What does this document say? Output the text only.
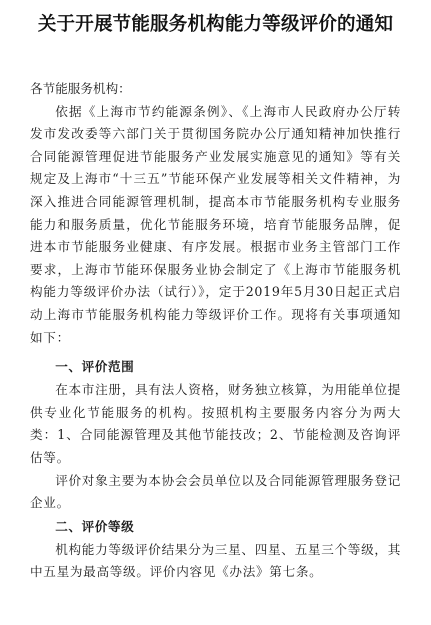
关于开展节能服务机构能力等级评价的通知

各节能服务机构：

依据《上海市节约能源条例》、《上海市人民政府办公厅转发市发改委等六部门关于贯彻国务院办公厅通知精神加快推行合同能源管理促进节能服务产业发展实施意见的通知》等有关规定及上海市“十三五”节能环保产业发展等相关文件精神，为深入推进合同能源管理机制，提高本市节能服务机构专业服务能力和服务质量，优化节能服务环境，培育节能服务品牌，促进本市节能服务业健康、有序发展。根据市业务主管部门工作要求，上海市节能环保服务业协会制定了《上海市节能服务机构能力等级评价办法（试行）》，定于2019年5月30日起正式启动上海市节能服务机构能力等级评价工作。现将有关事项通知如下：

一、评价范围

在本市注册，具有法人资格，财务独立核算，为用能单位提供专业化节能服务的机构。按照机构主要服务内容分为两大类：1、合同能源管理及其他节能技改；2、节能检测及咨询评估等。

评价对象主要为本协会会员单位以及合同能源管理服务登记企业。

二、评价等级

机构能力等级评价结果分为三星、四星、五星三个等级，其中五星为最高等级。评价内容见《办法》第七条。
